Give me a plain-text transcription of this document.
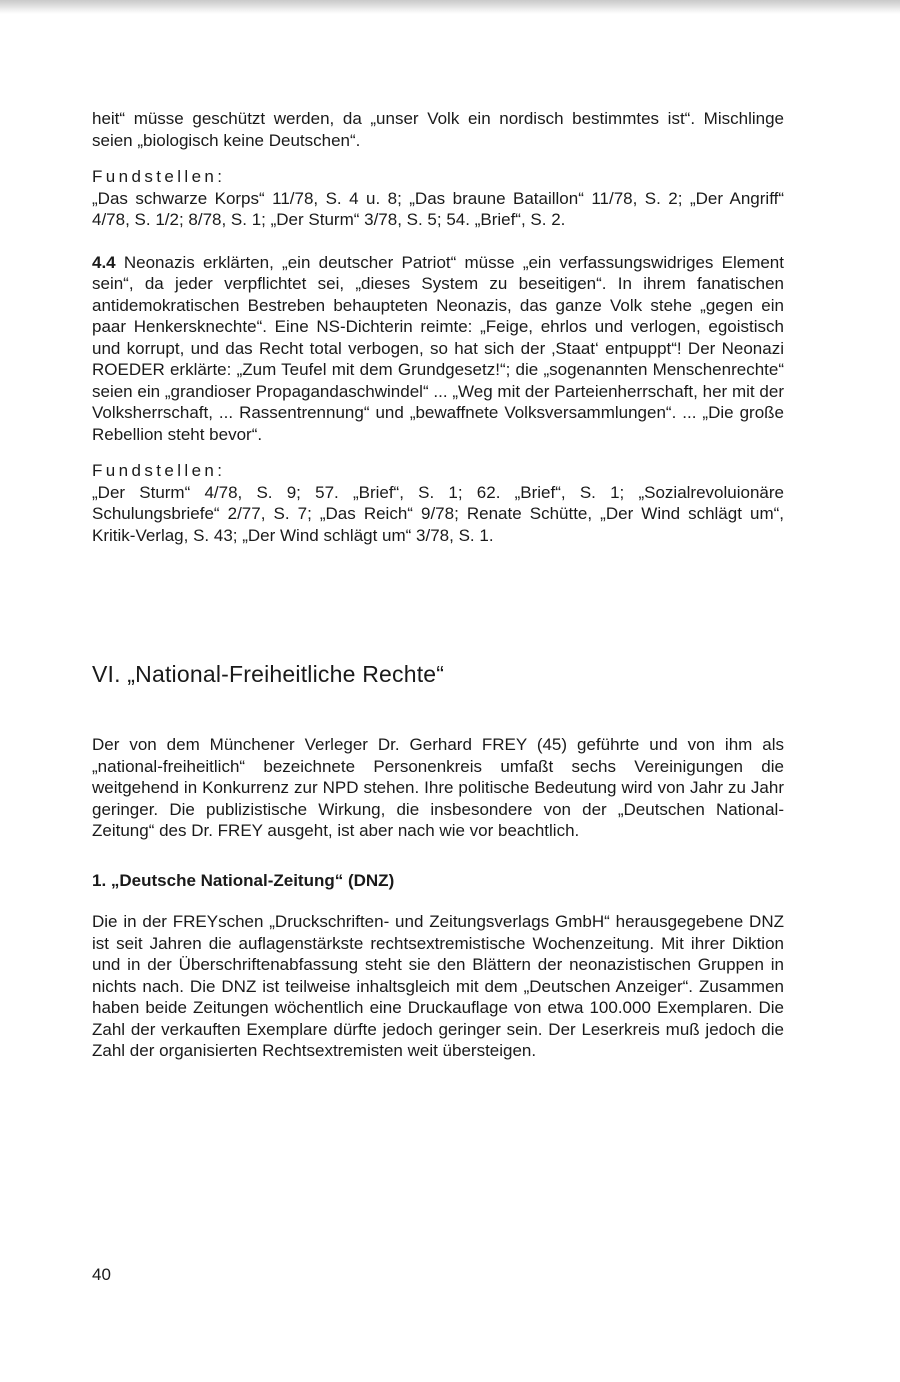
heit“ müsse geschützt werden, da „unser Volk ein nordisch bestimmtes ist“. Mischlinge seien „biologisch keine Deutschen“.

Fundstellen:

„Das schwarze Korps“ 11/78, S. 4 u. 8; „Das braune Bataillon“ 11/78, S. 2; „Der Angriff“ 4/78, S. 1/2; 8/78, S. 1; „Der Sturm“ 3/78, S. 5; 54. „Brief“, S. 2.

4.4 Neonazis erklärten, „ein deutscher Patriot“ müsse „ein verfassungswidriges Element sein“, da jeder verpflichtet sei, „dieses System zu beseitigen“. In ihrem fanatischen antidemokratischen Bestreben behaupteten Neonazis, das ganze Volk stehe „gegen ein paar Henkersknechte“. Eine NS-Dichterin reimte: „Feige, ehrlos und verlogen, egoistisch und korrupt, und das Recht total verbogen, so hat sich der ‚Staat‘ entpuppt“! Der Neonazi ROEDER erklärte: „Zum Teufel mit dem Grundgesetz!“; die „sogenannten Menschenrechte“ seien ein „grandioser Propagandaschwindel“ ... „Weg mit der Parteienherrschaft, her mit der Volksherrschaft, ... Rassentrennung“ und „bewaffnete Volksversammlungen“. ... „Die große Rebellion steht bevor“.

Fundstellen:

„Der Sturm“ 4/78, S. 9; 57. „Brief“, S. 1; 62. „Brief“, S. 1; „Sozialrevoluionäre Schulungsbriefe“ 2/77, S. 7; „Das Reich“ 9/78; Renate Schütte, „Der Wind schlägt um“, Kritik-Verlag, S. 43; „Der Wind schlägt um“ 3/78, S. 1.

VI. „National-Freiheitliche Rechte“

Der von dem Münchener Verleger Dr. Gerhard FREY (45) geführte und von ihm als „national-freiheitlich“ bezeichnete Personenkreis umfaßt sechs Vereinigungen die weitgehend in Konkurrenz zur NPD stehen. Ihre politische Bedeutung wird von Jahr zu Jahr geringer. Die publizistische Wirkung, die insbesondere von der „Deutschen National-Zeitung“ des Dr. FREY ausgeht, ist aber nach wie vor beachtlich.

1. „Deutsche National-Zeitung“ (DNZ)

Die in der FREYschen „Druckschriften- und Zeitungsverlags GmbH“ herausgegebene DNZ ist seit Jahren die auflagenstärkste rechtsextremistische Wochenzeitung. Mit ihrer Diktion und in der Überschriftenabfassung steht sie den Blättern der neonazistischen Gruppen in nichts nach. Die DNZ ist teilweise inhaltsgleich mit dem „Deutschen Anzeiger“. Zusammen haben beide Zeitungen wöchentlich eine Druckauflage von etwa 100.000 Exemplaren. Die Zahl der verkauften Exemplare dürfte jedoch geringer sein. Der Leserkreis muß jedoch die Zahl der organisierten Rechtsextremisten weit übersteigen.

40
